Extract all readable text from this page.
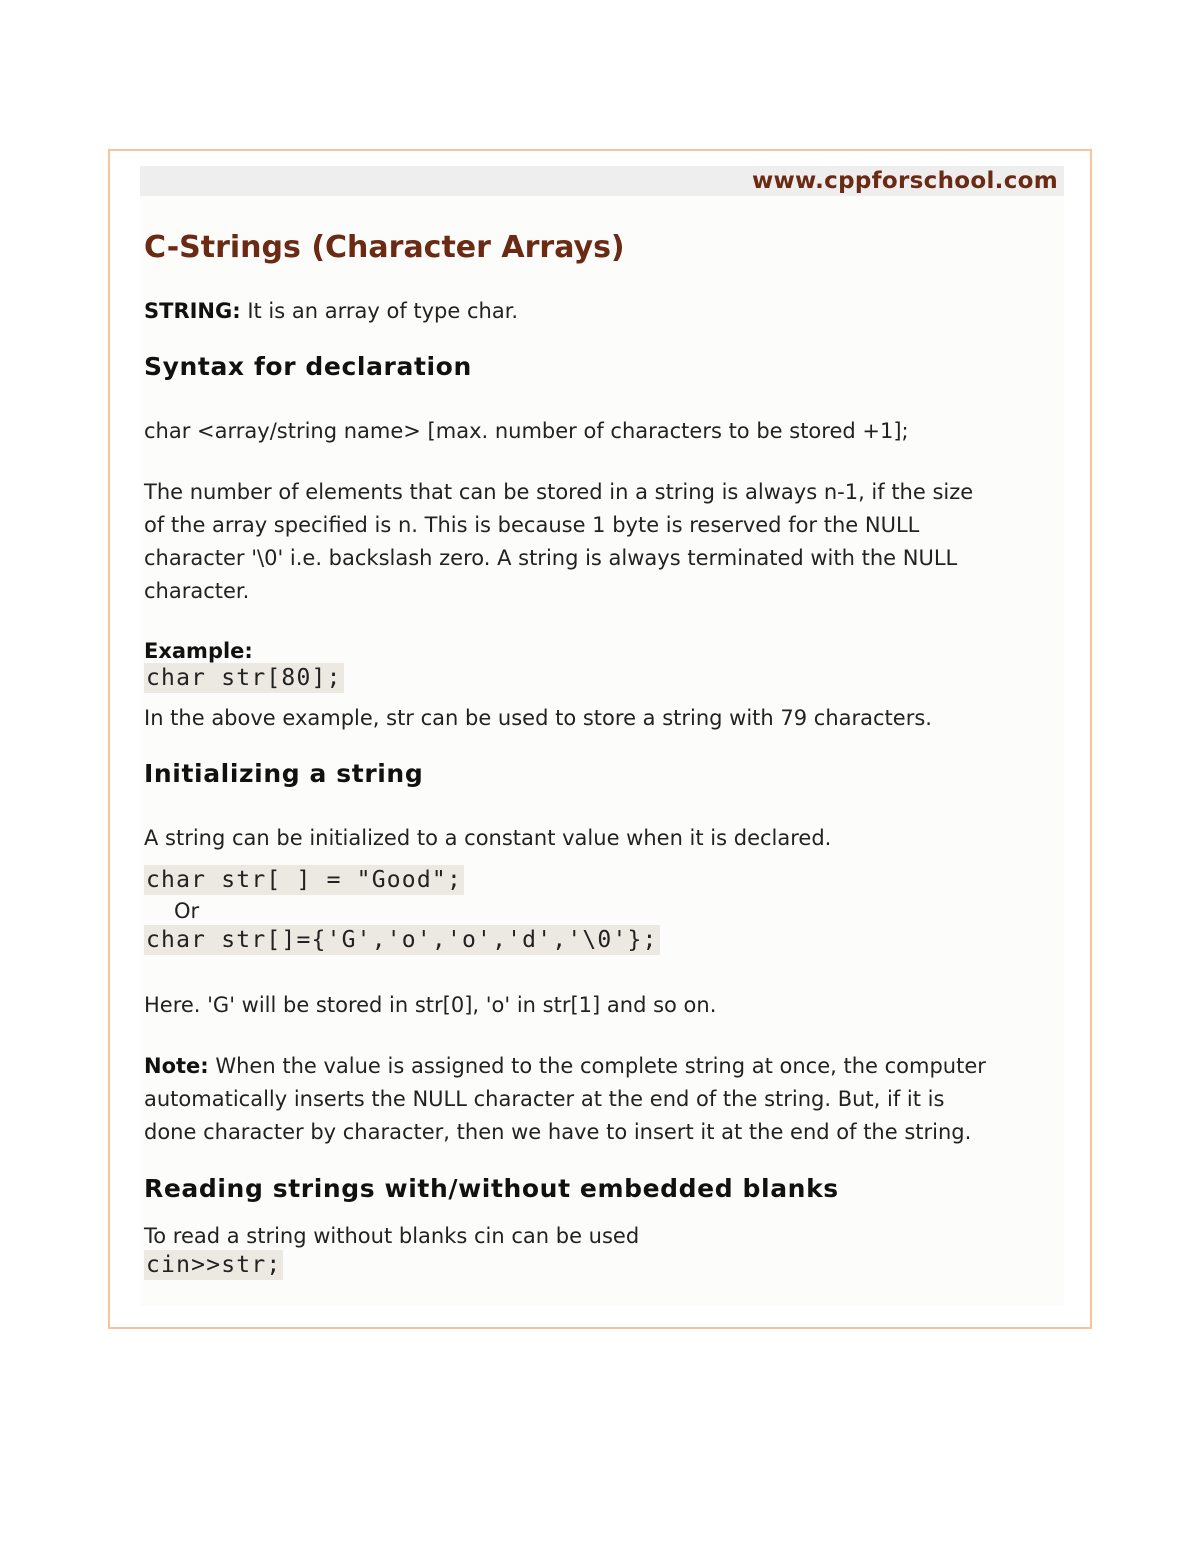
www.cppforschool.com
C-Strings (Character Arrays)
STRING: It is an array of type char.
Syntax for declaration
char <array/string name> [max. number of characters to be stored +1];
The number of elements that can be stored in a string is always n-1, if the size
of the array specified is n. This is because 1 byte is reserved for the NULL
character '\0' i.e. backslash zero. A string is always terminated with the NULL
character.
Example:
char str[80];
In the above example, str can be used to store a string with 79 characters.
Initializing a string
A string can be initialized to a constant value when it is declared.
char str[ ] = "Good";
Or
char str[]={'G','o','o','d','\0'};
Here. 'G' will be stored in str[0], 'o' in str[1] and so on.
Note: When the value is assigned to the complete string at once, the computer
automatically inserts the NULL character at the end of the string. But, if it is
done character by character, then we have to insert it at the end of the string.
Reading strings with/without embedded blanks
To read a string without blanks cin can be used
cin>>str;
